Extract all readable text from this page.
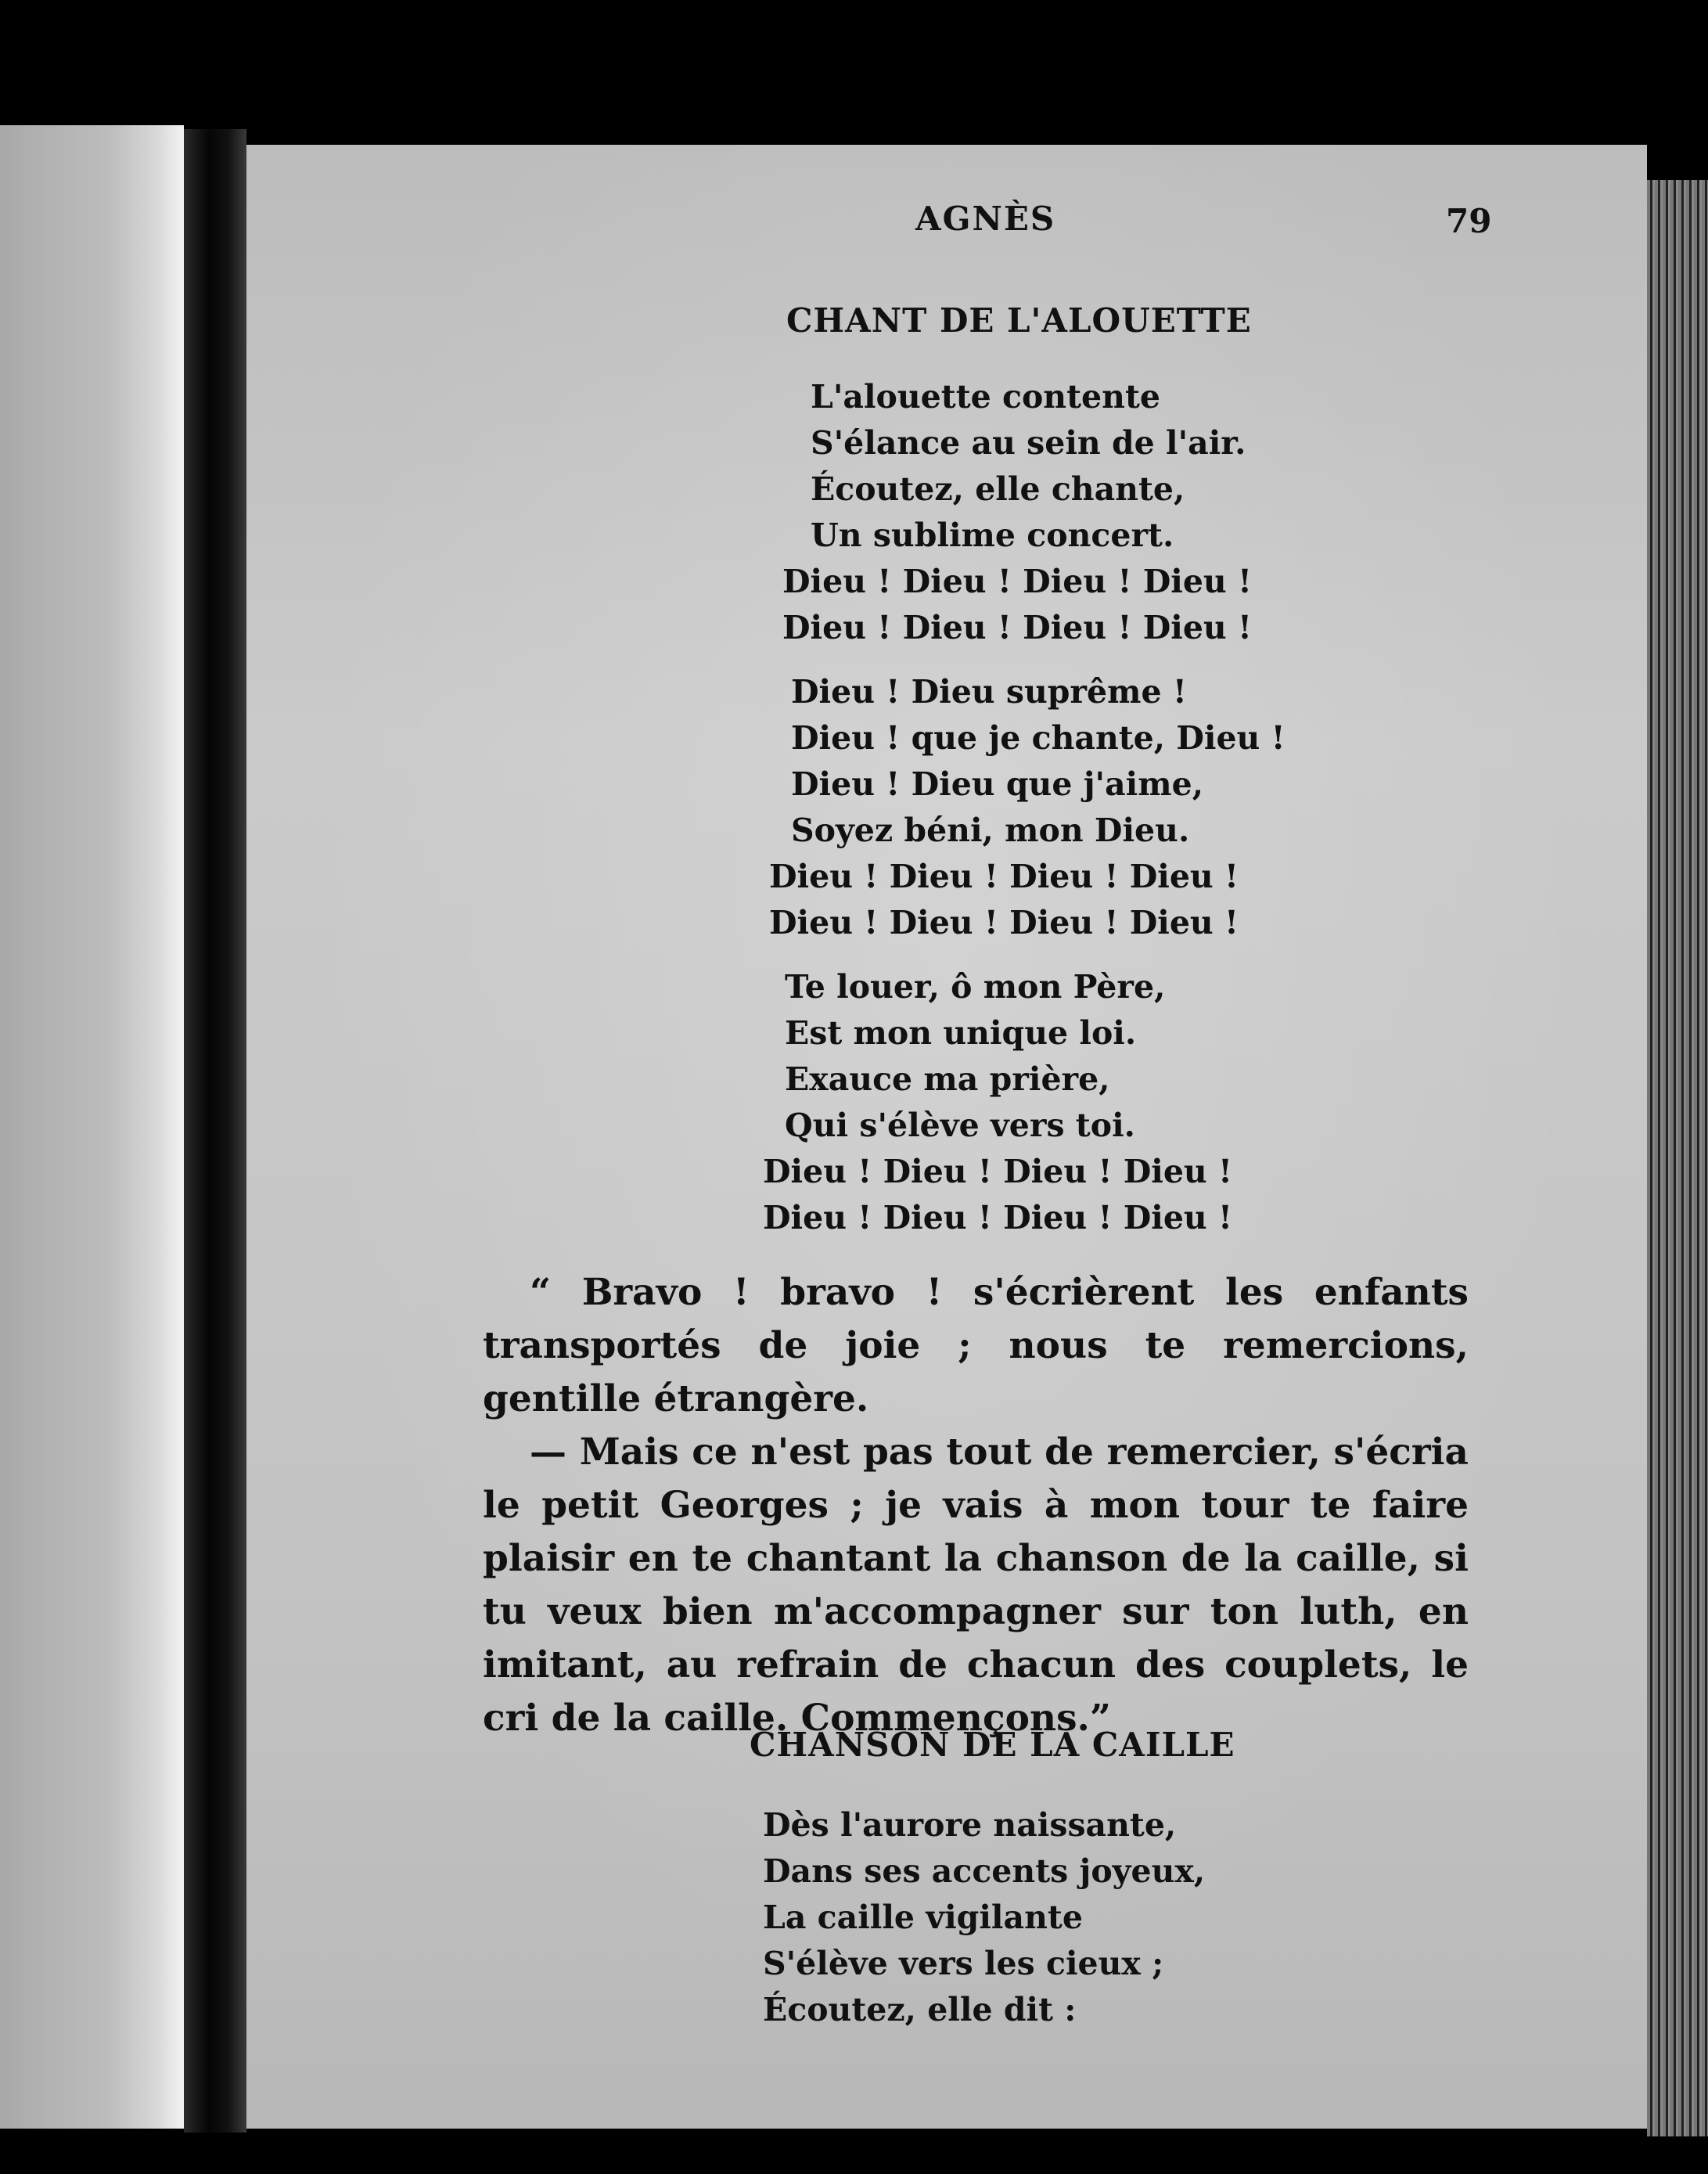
AGNÈS	79
CHANT DE L'ALOUETTE
L'alouette contente
S'élance au sein de l'air.
Écoutez, elle chante,
Un sublime concert.
Dieu ! Dieu ! Dieu ! Dieu !
Dieu ! Dieu ! Dieu ! Dieu !
Dieu ! Dieu suprême !
Dieu ! que je chante, Dieu !
Dieu ! Dieu que j'aime,
Soyez béni, mon Dieu.
Dieu ! Dieu ! Dieu ! Dieu !
Dieu ! Dieu ! Dieu ! Dieu !
Te louer, ô mon Père,
Est mon unique loi.
Exauce ma prière,
Qui s'élève vers toi.
Dieu ! Dieu ! Dieu ! Dieu !
Dieu ! Dieu ! Dieu ! Dieu !

“ Bravo ! bravo ! s'écrièrent les enfants transportés de joie ; nous te remercions, gentille étrangère.

— Mais ce n'est pas tout de remercier, s'écria le petit Georges ; je vais à mon tour te faire plaisir en te chantant la chanson de la caille, si tu veux bien m'accompagner sur ton luth, en imitant, au refrain de chacun des couplets, le cri de la caille. Commençons.”

CHANSON DE LA CAILLE
Dès l'aurore naissante,
Dans ses accents joyeux,
La caille vigilante
S'élève vers les cieux ;
Écoutez, elle dit :
